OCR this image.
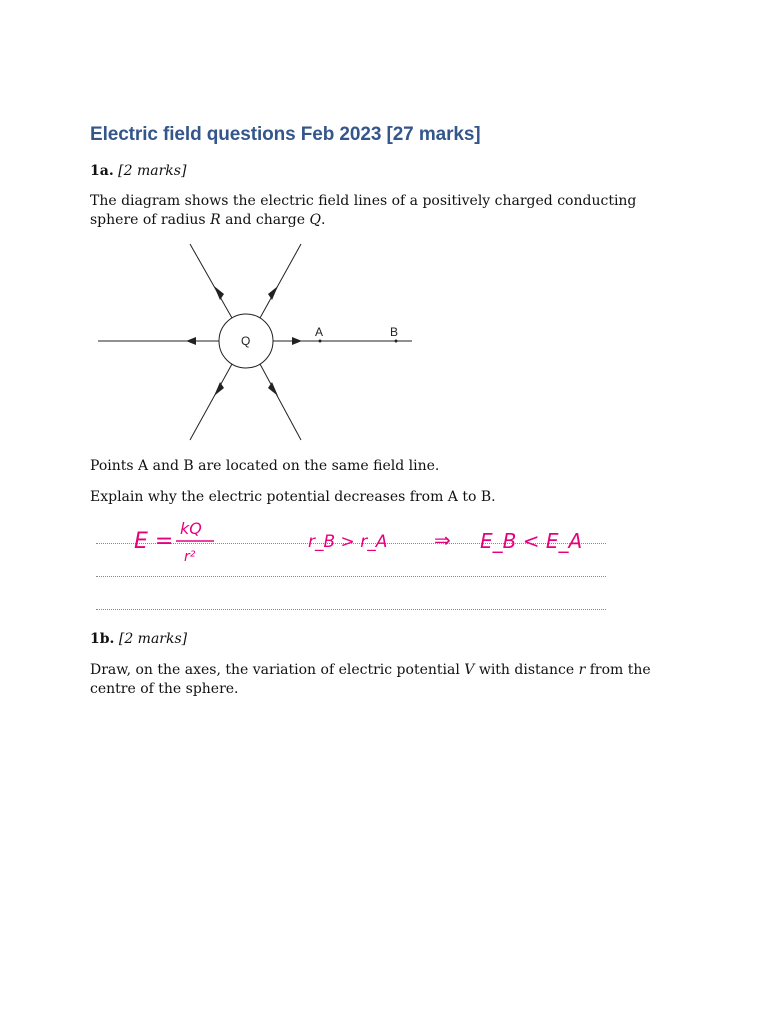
Electric field questions Feb 2023 [27 marks]
1a. [2 marks]

The diagram shows the electric field lines of a positively charged conducting sphere of radius R and charge Q.

Q
A	B

Points A and B are located on the same field line.

Explain why the electric potential decreases from A to B.

E =
kQ
r²
r_B > r_A ⇒ E_B < E_A
1b. [2 marks]

Draw, on the axes, the variation of electric potential V with distance r from the centre of the sphere.
